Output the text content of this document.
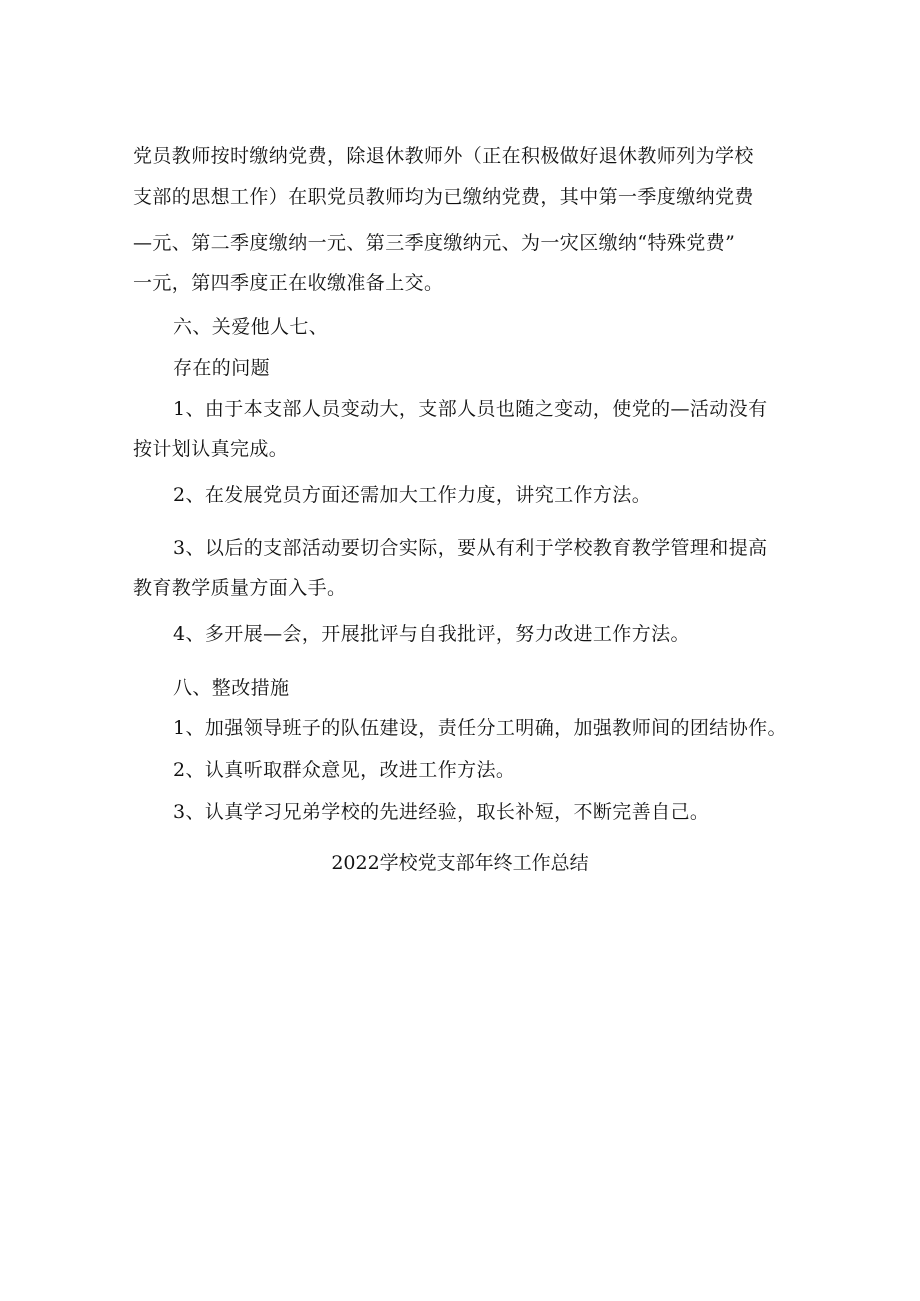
党员教师按时缴纳党费，除退休教师外（正在积极做好退休教师列为学校

支部的思想工作）在职党员教师均为已缴纳党费，其中第一季度缴纳党费

—元、第二季度缴纳一元、第三季度缴纳元、为一灾区缴纳“特殊党费”

一元，第四季度正在收缴准备上交。

六、关爱他人七、

存在的问题

1、由于本支部人员变动大，支部人员也随之变动，使党的—活动没有

按计划认真完成。

2、在发展党员方面还需加大工作力度，讲究工作方法。

3、以后的支部活动要切合实际，要从有利于学校教育教学管理和提高

教育教学质量方面入手。

4、多开展—会，开展批评与自我批评，努力改进工作方法。

八、整改措施

1、加强领导班子的队伍建设，责任分工明确，加强教师间的团结协作。

2、认真听取群众意见，改进工作方法。

3、认真学习兄弟学校的先进经验，取长补短，不断完善自己。

2022学校党支部年终工作总结
